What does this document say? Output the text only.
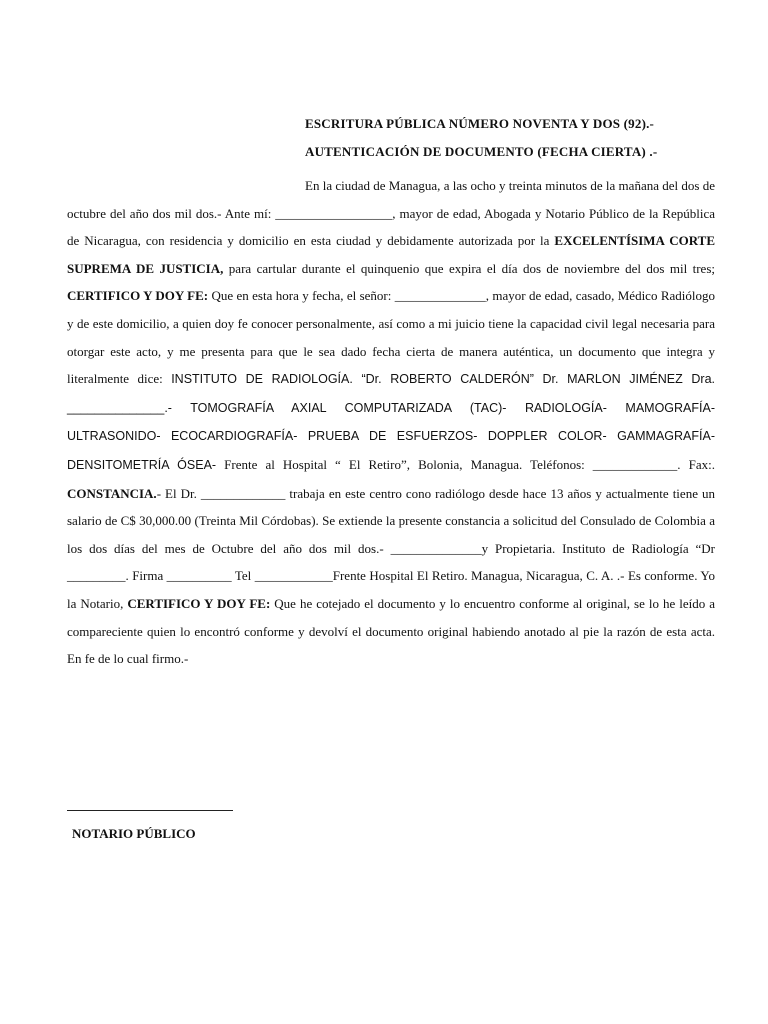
ESCRITURA PÚBLICA NÚMERO NOVENTA Y DOS (92).-
AUTENTICACIÓN DE DOCUMENTO (FECHA CIERTA) .-
En la ciudad de Managua, a las ocho y treinta minutos de la mañana del dos de octubre del año dos mil dos.- Ante mí: __________________, mayor de edad, Abogada y Notario Público de la República de Nicaragua, con residencia y domicilio en esta ciudad y debidamente autorizada por la EXCELENTÍSIMA CORTE SUPREMA DE JUSTICIA, para cartular durante el quinquenio que expira el día dos de noviembre del dos mil tres; CERTIFICO Y DOY FE: Que en esta hora y fecha, el señor: ______________, mayor de edad, casado, Médico Radiólogo y de este domicilio, a quien doy fe conocer personalmente, así como a mi juicio tiene la capacidad civil legal necesaria para otorgar este acto, y me presenta para que le sea dado fecha cierta de manera auténtica, un documento que integra y literalmente dice: INSTITUTO DE RADIOLOGÍA. “Dr. ROBERTO CALDERÓN” Dr. MARLON JIMÉNEZ Dra. ______________.- TOMOGRAFÍA AXIAL COMPUTARIZADA (TAC)- RADIOLOGÍA- MAMOGRAFÍA- ULTRASONIDO- ECOCARDIOGRAFÍA- PRUEBA DE ESFUERZOS- DOPPLER COLOR- GAMMAGRAFÍA- DENSITOMETRÍA ÓSEA- Frente al Hospital “ El Retiro”, Bolonia, Managua. Teléfonos: _____________. Fax:. CONSTANCIA.- El Dr. _____________ trabaja en este centro cono radiólogo desde hace 13 años y actualmente tiene un salario de C$ 30,000.00 (Treinta Mil Córdobas). Se extiende la presente constancia a solicitud del Consulado de Colombia a los dos días del mes de Octubre del año dos mil dos.- ______________y Propietaria. Instituto de Radiología “Dr _________. Firma __________ Tel ____________Frente Hospital El Retiro. Managua, Nicaragua, C. A. .- Es conforme. Yo la Notario, CERTIFICO Y DOY FE: Que he cotejado el documento y lo encuentro conforme al original, se lo he leído a compareciente quien lo encontró conforme y devolví el documento original habiendo anotado al pie la razón de esta acta. En fe de lo cual firmo.-
NOTARIO PÚBLICO
